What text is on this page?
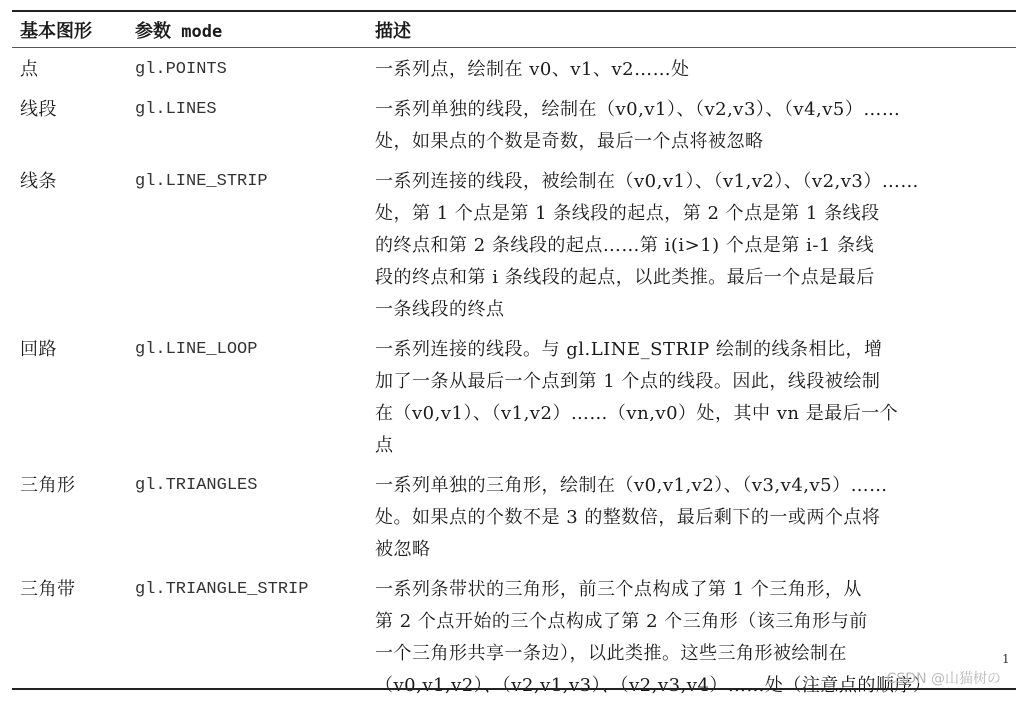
基本图形	参数 mode	描述
点	gl.POINTS	一系列点，绘制在 v0、v1、v2……处
线段	gl.LINES	一系列单独的线段，绘制在（v0,v1）、（v2,v3）、（v4,v5）……
处，如果点的个数是奇数，最后一个点将被忽略
线条	gl.LINE_STRIP	一系列连接的线段，被绘制在（v0,v1）、（v1,v2）、（v2,v3）……
处，第 1 个点是第 1 条线段的起点，第 2 个点是第 1 条线段
的终点和第 2 条线段的起点……第 i(i>1) 个点是第 i-1 条线
段的终点和第 i 条线段的起点，以此类推。最后一个点是最后
一条线段的终点
回路	gl.LINE_LOOP	一系列连接的线段。与 gl.LINE_STRIP 绘制的线条相比，增
加了一条从最后一个点到第 1 个点的线段。因此，线段被绘制
在（v0,v1）、（v1,v2）……（vn,v0）处，其中 vn 是最后一个
点
三角形	gl.TRIANGLES	一系列单独的三角形，绘制在（v0,v1,v2）、（v3,v4,v5）……
处。如果点的个数不是 3 的整数倍，最后剩下的一或两个点将
被忽略
三角带	gl.TRIANGLE_STRIP	一系列条带状的三角形，前三个点构成了第 1 个三角形，从
第 2 个点开始的三个点构成了第 2 个三角形（该三角形与前
一个三角形共享一条边），以此类推。这些三角形被绘制在
（v0,v1,v2）、（v2,v1,v3）、（v2,v3,v4）……处（注意点的顺序）
1
CSDN @山猫树の
